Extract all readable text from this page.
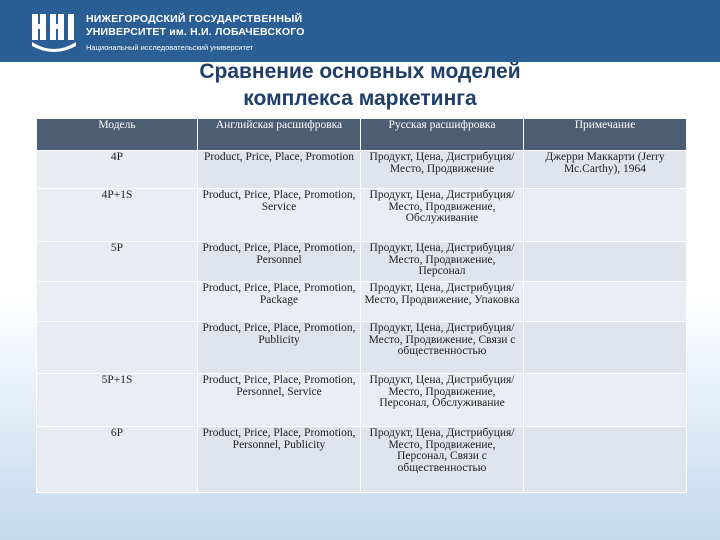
НИЖЕГОРОДСКИЙ ГОСУДАРСТВЕННЫЙ
УНИВЕРСИТЕТ им. Н.И. ЛОБАЧЕВСКОГО
Национальный исследовательский университет
Сравнение основных моделей
комплекса маркетинга
Модель	Английская расшифровка	Русская расшифровка	Примечание
4P	Product, Price, Place, Promotion	Продукт, Цена, Дистрибуция/Место, Продвижение	Джерри Маккарти (Jerry Mc.Carthy), 1964
4P+1S	Product, Price, Place, Promotion, Service	Продукт, Цена, Дистрибуция/Место, Продвижение, Обслуживание	
5P	Product, Price, Place, Promotion, Personnel	Продукт, Цена, Дистрибуция/Место, Продвижение, Персонал	
	Product, Price, Place, Promotion, Package	Продукт, Цена, Дистрибуция/Место, Продвижение, Упаковка	
	Product, Price, Place, Promotion, Publicity	Продукт, Цена, Дистрибуция/Место, Продвижение, Связи с общественностью	
5P+1S	Product, Price, Place, Promotion, Personnel, Service	Продукт, Цена, Дистрибуция/Место, Продвижение, Персонал, Обслуживание	
6P	Product, Price, Place, Promotion, Personnel, Publicity	Продукт, Цена, Дистрибуция/Место, Продвижение, Персонал, Связи с общественностью	
